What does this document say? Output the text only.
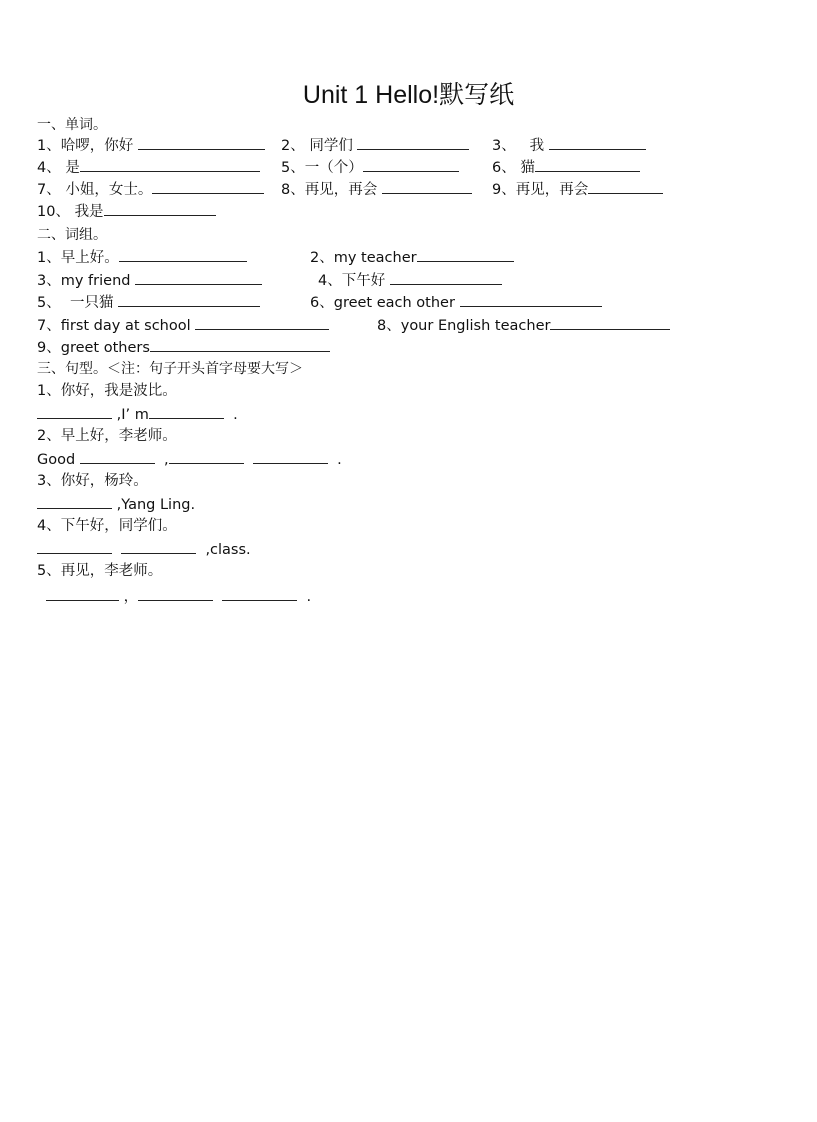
Unit 1 Hello!默写纸
一、单词。
1、哈啰，你好	2、 同学们	3、 我
4、 是	5、一（个）	6、 猫
7、 小姐，女士。	8、再见，再会	9、再见，再会
10、 我是
二、词组。
1、早上好。	2、my teacher
3、my friend	4、下午好
5、 一只猫	6、greet each other
7、first day at school	8、your English teacher
9、greet others
三、句型。＜注：句子开头首字母要大写＞
1、你好，我是波比。
,I’ m	.
2、早上好，李老师。
Good	,	.
3、你好，杨玲。
,Yang Ling.
4、下午好，同学们。
,class.
5、再见，李老师。
，	.
